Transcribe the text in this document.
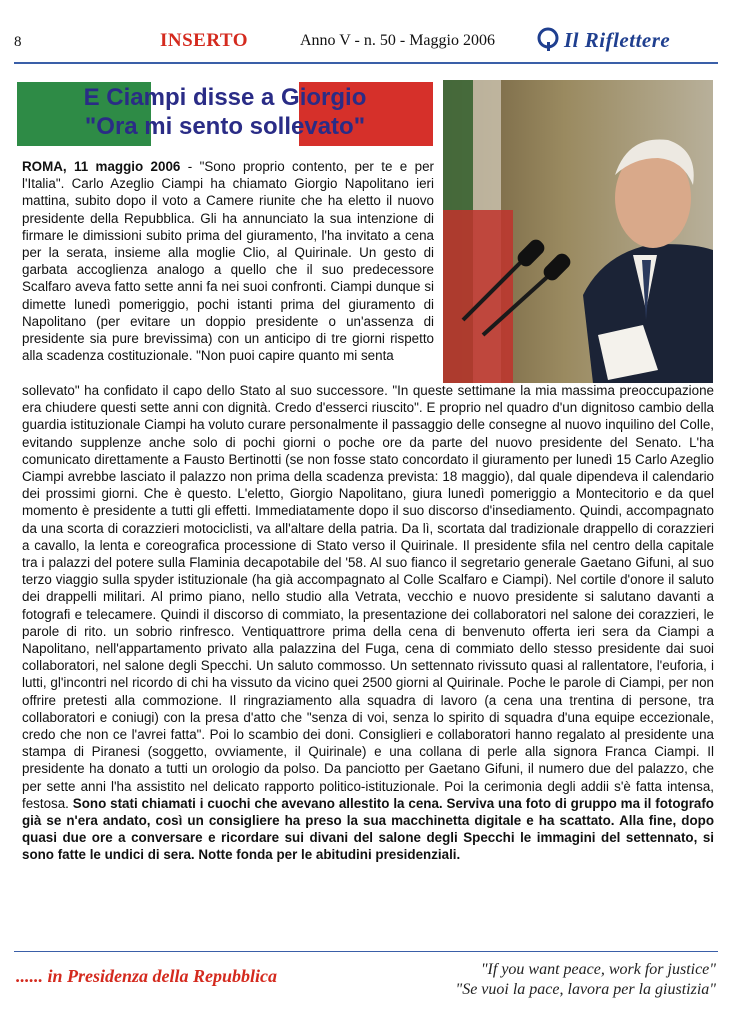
8	INSERTO	Anno V - n. 50 - Maggio 2006	Il Riflettere
E Ciampi disse a Giorgio
"Ora mi sento sollevato"
ROMA, 11 maggio 2006 - "Sono proprio contento, per te e per l'Italia". Carlo Azeglio Ciampi ha chiamato Giorgio Napolitano ieri mattina, subito dopo il voto a Camere riunite che ha eletto il nuovo presidente della Repubblica. Gli ha annunciato la sua intenzione di firmare le dimissioni subito prima del giuramento, l'ha invitato a cena per la serata, insieme alla moglie Clio, al Quirinale. Un gesto di garbata accoglienza analogo a quello che il suo predecessore Scalfaro aveva fatto sette anni fa nei suoi confronti. Ciampi dunque si dimette lunedì pomeriggio, pochi istanti prima del giuramento di Napolitano (per evitare un doppio presidente o un'assenza di presidente sia pure brevissima) con un anticipo di tre giorni rispetto alla scadenza costituzionale. "Non puoi capire quanto mi senta
sollevato" ha confidato il capo dello Stato al suo successore. "In queste settimane la mia massima preoccupazione era chiudere questi sette anni con dignità. Credo d'esserci riuscito". E proprio nel quadro d'un dignitoso cambio della guardia istituzionale Ciampi ha voluto curare personalmente il passaggio delle consegne al nuovo inquilino del Colle, evitando supplenze anche solo di pochi giorni o poche ore da parte del nuovo presidente del Senato. L'ha comunicato direttamente a Fausto Bertinotti (se non fosse stato concordato il giuramento per lunedì 15 Carlo Azeglio Ciampi avrebbe lasciato il palazzo non prima della scadenza prevista: 18 maggio), dal quale dipendeva il calendario dei prossimi giorni. Che è questo. L'eletto, Giorgio Napolitano, giura lunedì pomeriggio a Montecitorio e da quel momento è presidente a tutti gli effetti. Immediatamente dopo il suo discorso d'insediamento. Quindi, accompagnato da una scorta di corazzieri motociclisti, va all'altare della patria. Da lì, scortata dal tradizionale drappello di corazzieri a cavallo, la lenta e coreografica processione di Stato verso il Quirinale. Il presidente sfila nel centro della capitale tra i palazzi del potere sulla Flaminia decapotabile del '58. Al suo fianco il segretario generale Gaetano Gifuni, al suo terzo viaggio sulla spyder istituzionale (ha già accompagnato al Colle Scalfaro e Ciampi). Nel cortile d'onore il saluto dei drappelli militari. Al primo piano, nello studio alla Vetrata, vecchio e nuovo presidente si salutano davanti a fotografi e telecamere. Quindi il discorso di commiato, la presentazione dei collaboratori nel salone dei corazzieri, le parole di rito. un sobrio rinfresco. Ventiquattrore prima della cena di benvenuto offerta ieri sera da Ciampi a Napolitano, nell'appartamento privato alla palazzina del Fuga, cena di commiato dello stesso presidente dai suoi collaboratori, nel salone degli Specchi. Un saluto commosso. Un settennato rivissuto quasi al rallentatore, l'euforia, i lutti, gl'incontri nel ricordo di chi ha vissuto da vicino quei 2500 giorni al Quirinale. Poche le parole di Ciampi, per non offrire pretesti alla commozione. Il ringraziamento alla squadra di lavoro (a cena una trentina di persone, tra collaboratori e coniugi) con la presa d'atto che "senza di voi, senza lo spirito di squadra d'una equipe eccezionale, credo che non ce l'avrei fatta". Poi lo scambio dei doni. Consiglieri e collaboratori hanno regalato al presidente una stampa di Piranesi (soggetto, ovviamente, il Quirinale) e una collana di perle alla signora Franca Ciampi. Il presidente ha donato a tutti un orologio da polso. Da panciotto per Gaetano Gifuni, il numero due del palazzo, che per sette anni l'ha assistito nel delicato rapporto politico-istituzionale. Poi la cerimonia degli addii s'è fatta intensa, festosa. Sono stati chiamati i cuochi che avevano allestito la cena. Serviva una foto di gruppo ma il fotografo già se n'era andato, così un consigliere ha preso la sua macchinetta digitale e ha scattato. Alla fine, dopo quasi due ore a conversare e ricordare sui divani del salone degli Specchi le immagini del settennato, si sono fatte le undici di sera. Notte fonda per le abitudini presidenziali.
...... in Presidenza della Repubblica	"If you want peace, work for justice"
"Se vuoi la pace, lavora per la giustizia"
